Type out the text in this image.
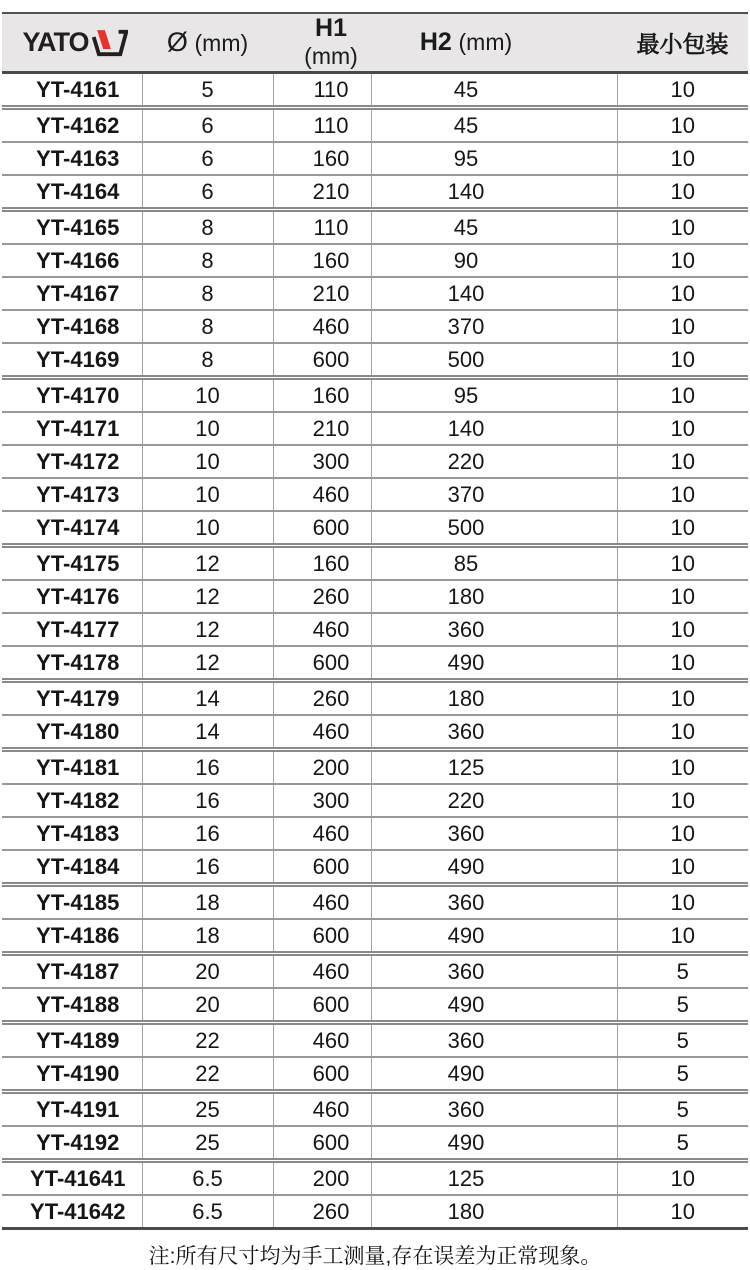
YATO	Ø (mm)	H1 (mm)	H2 (mm)	最小包装
YT-4161	5	110	45	10
YT-4162	6	110	45	10
YT-4163	6	160	95	10
YT-4164	6	210	140	10
YT-4165	8	110	45	10
YT-4166	8	160	90	10
YT-4167	8	210	140	10
YT-4168	8	460	370	10
YT-4169	8	600	500	10
YT-4170	10	160	95	10
YT-4171	10	210	140	10
YT-4172	10	300	220	10
YT-4173	10	460	370	10
YT-4174	10	600	500	10
YT-4175	12	160	85	10
YT-4176	12	260	180	10
YT-4177	12	460	360	10
YT-4178	12	600	490	10
YT-4179	14	260	180	10
YT-4180	14	460	360	10
YT-4181	16	200	125	10
YT-4182	16	300	220	10
YT-4183	16	460	360	10
YT-4184	16	600	490	10
YT-4185	18	460	360	10
YT-4186	18	600	490	10
YT-4187	20	460	360	5
YT-4188	20	600	490	5
YT-4189	22	460	360	5
YT-4190	22	600	490	5
YT-4191	25	460	360	5
YT-4192	25	600	490	5
YT-41641	6.5	200	125	10
YT-41642	6.5	260	180	10
注:所有尺寸均为手工测量,存在误差为正常现象。
